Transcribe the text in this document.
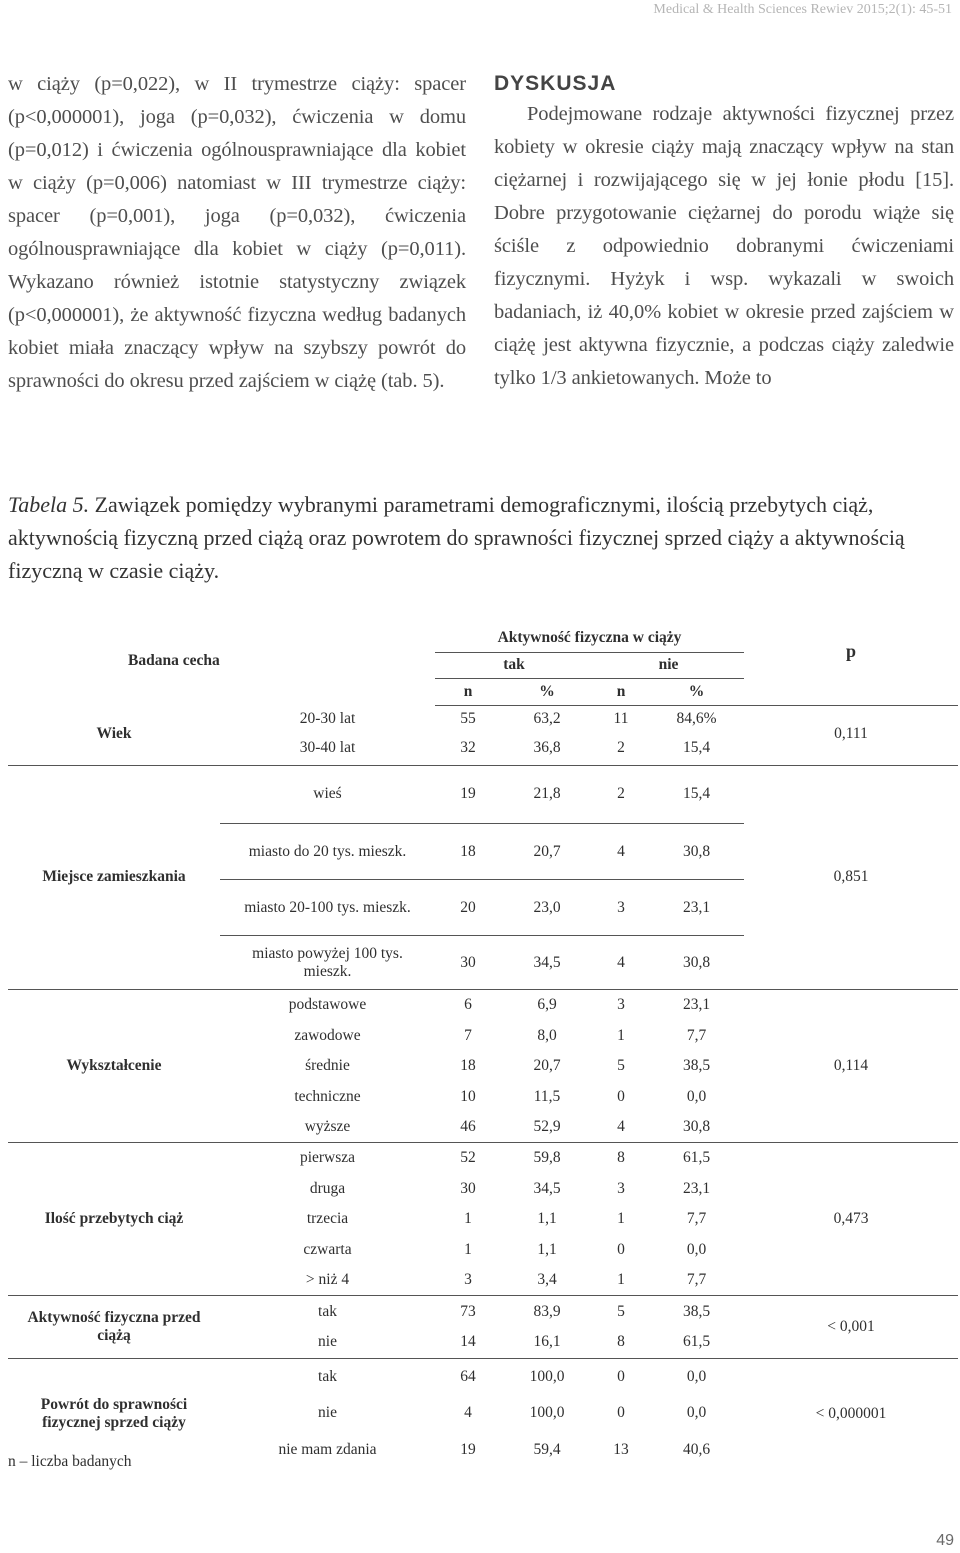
Medical & Health Sciences Rewiev 2015;2(1): 45-51

w ciąży (p=0,022), w II trymestrze ciąży: spacer (p<0,000001), joga (p=0,032), ćwiczenia w domu (p=0,012) i ćwiczenia ogólnousprawniające dla kobiet w ciąży (p=0,006) natomiast w III trymestrze ciąży: spacer (p=0,001), joga (p=0,032), ćwiczenia ogólnousprawniające dla kobiet w ciąży (p=0,011). Wykazano również istotnie statystyczny związek (p<0,000001), że aktywność fizyczna według badanych kobiet miała znaczący wpływ na szybszy powrót do sprawności do okresu przed zajściem w ciążę (tab. 5).

DYSKUSJA

Podejmowane rodzaje aktywności fizycznej przez kobiety w okresie ciąży mają znaczący wpływ na stan ciężarnej i rozwijającego się w jej łonie płodu [15]. Dobre przygotowanie ciężarnej do porodu wiąże się ściśle z odpowiednio dobranymi ćwiczeniami fizycznymi. Hyżyk i wsp. wykazali w swoich badaniach, iż 40,0% kobiet w okresie przed zajściem w ciążę jest aktywna fizycznie, a podczas ciąży zaledwie tylko 1/3 ankietowanych. Może to

Tabela 5. Zawiązek pomiędzy wybranymi parametrami demograficznymi, ilością przebytych ciąż, aktywnością fizyczną przed ciążą oraz powrotem do sprawności fizycznej sprzed ciąży a aktywnością fizyczną w czasie ciąży.
Badana cecha		Aktywność fizyczna w ciąży				p
		tak		nie		
		n	%	n	%	
Wiek	20-30 lat	55	63,2	11	84,6%	0,111
	30-40 lat	32	36,8	2	15,4	

Miejsce zamieszkania	wieś	19	21,8	2	15,4	0,851
	miasto do 20 tys. mieszk.	18	20,7	4	30,8	
	miasto 20-100 tys. mieszk.	20	23,0	3	23,1	
	miasto powyżej 100 tys. mieszk.	30	34,5	4	30,8	

Wykształcenie	podstawowe	6	6,9	3	23,1	0,114
	zawodowe	7	8,0	1	7,7	
	średnie	18	20,7	5	38,5	
	techniczne	10	11,5	0	0,0	
	wyższe	46	52,9	4	30,8	

Ilość przebytych ciąż	pierwsza	52	59,8	8	61,5	0,473
	druga	30	34,5	3	23,1	
	trzecia	1	1,1	1	7,7	
	czwarta	1	1,1	0	0,0	
	> niż 4	3	3,4	1	7,7	

Aktywność fizyczna przed ciążą	tak	73	83,9	5	38,5	< 0,001
	nie	14	16,1	8	61,5	

Powrót do sprawności fizycznej sprzed ciąży	tak	64	100,0	0	0,0	< 0,000001
	nie	4	100,0	0	0,0	
	nie mam zdania	19	59,4	13	40,6	
n – liczba badanych
49
